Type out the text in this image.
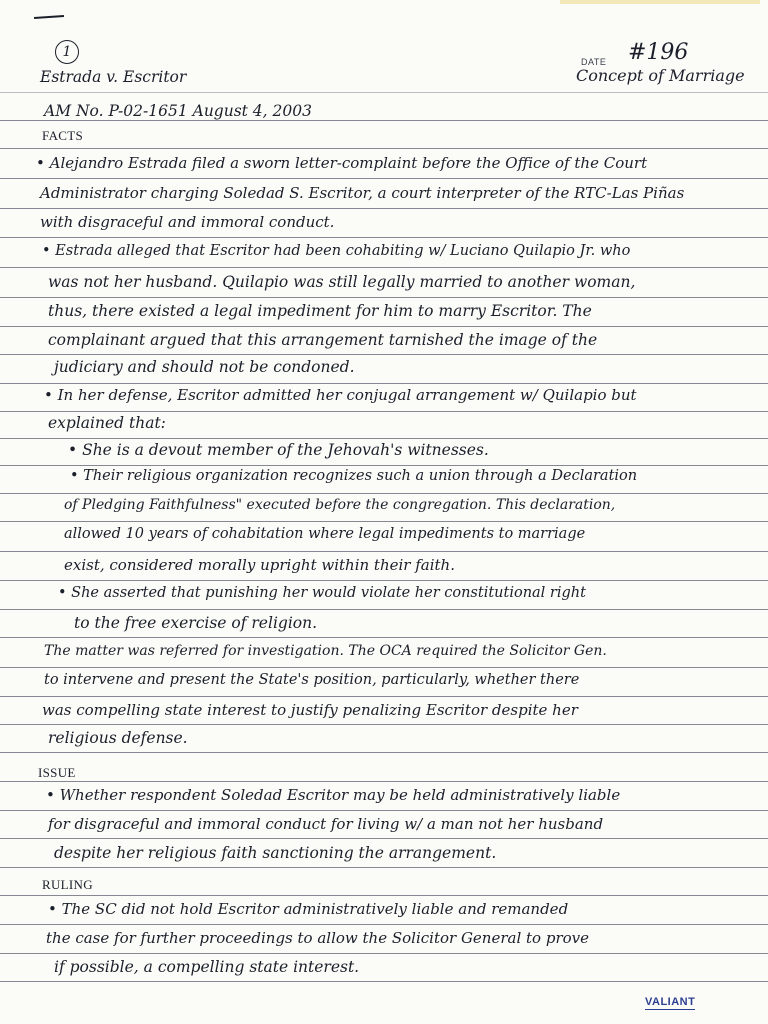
1
DATE #196
Concept of Marriage
Estrada v. Escritor
AM No. P-02-1651 August 4, 2003
FACTS
• Alejandro Estrada filed a sworn letter-complaint before the Office of the Court
Administrator charging Soledad S. Escritor, a court interpreter of the RTC-Las Piñas
with disgraceful and immoral conduct.
• Estrada alleged that Escritor had been cohabiting w/ Luciano Quilapio Jr. who
was not her husband. Quilapio was still legally married to another woman,
thus, there existed a legal impediment for him to marry Escritor. The
complainant argued that this arrangement tarnished the image of the
judiciary and should not be condoned.
• In her defense, Escritor admitted her conjugal arrangement w/ Quilapio but
explained that:
• She is a devout member of the Jehovah's witnesses.
• Their religious organization recognizes such a union through a Declaration
of Pledging Faithfulness" executed before the congregation. This declaration,
allowed 10 years of cohabitation where legal impediments to marriage
exist, considered morally upright within their faith.
• She asserted that punishing her would violate her constitutional right
to the free exercise of religion.
The matter was referred for investigation. The OCA required the Solicitor Gen.
to intervene and present the State's position, particularly, whether there
was compelling state interest to justify penalizing Escritor despite her
religious defense.
ISSUE
• Whether respondent Soledad Escritor may be held administratively liable
for disgraceful and immoral conduct for living w/ a man not her husband
despite her religious faith sanctioning the arrangement.
RULING
• The SC did not hold Escritor administratively liable and remanded
the case for further proceedings to allow the Solicitor General to prove
if possible, a compelling state interest.
VALIANT
